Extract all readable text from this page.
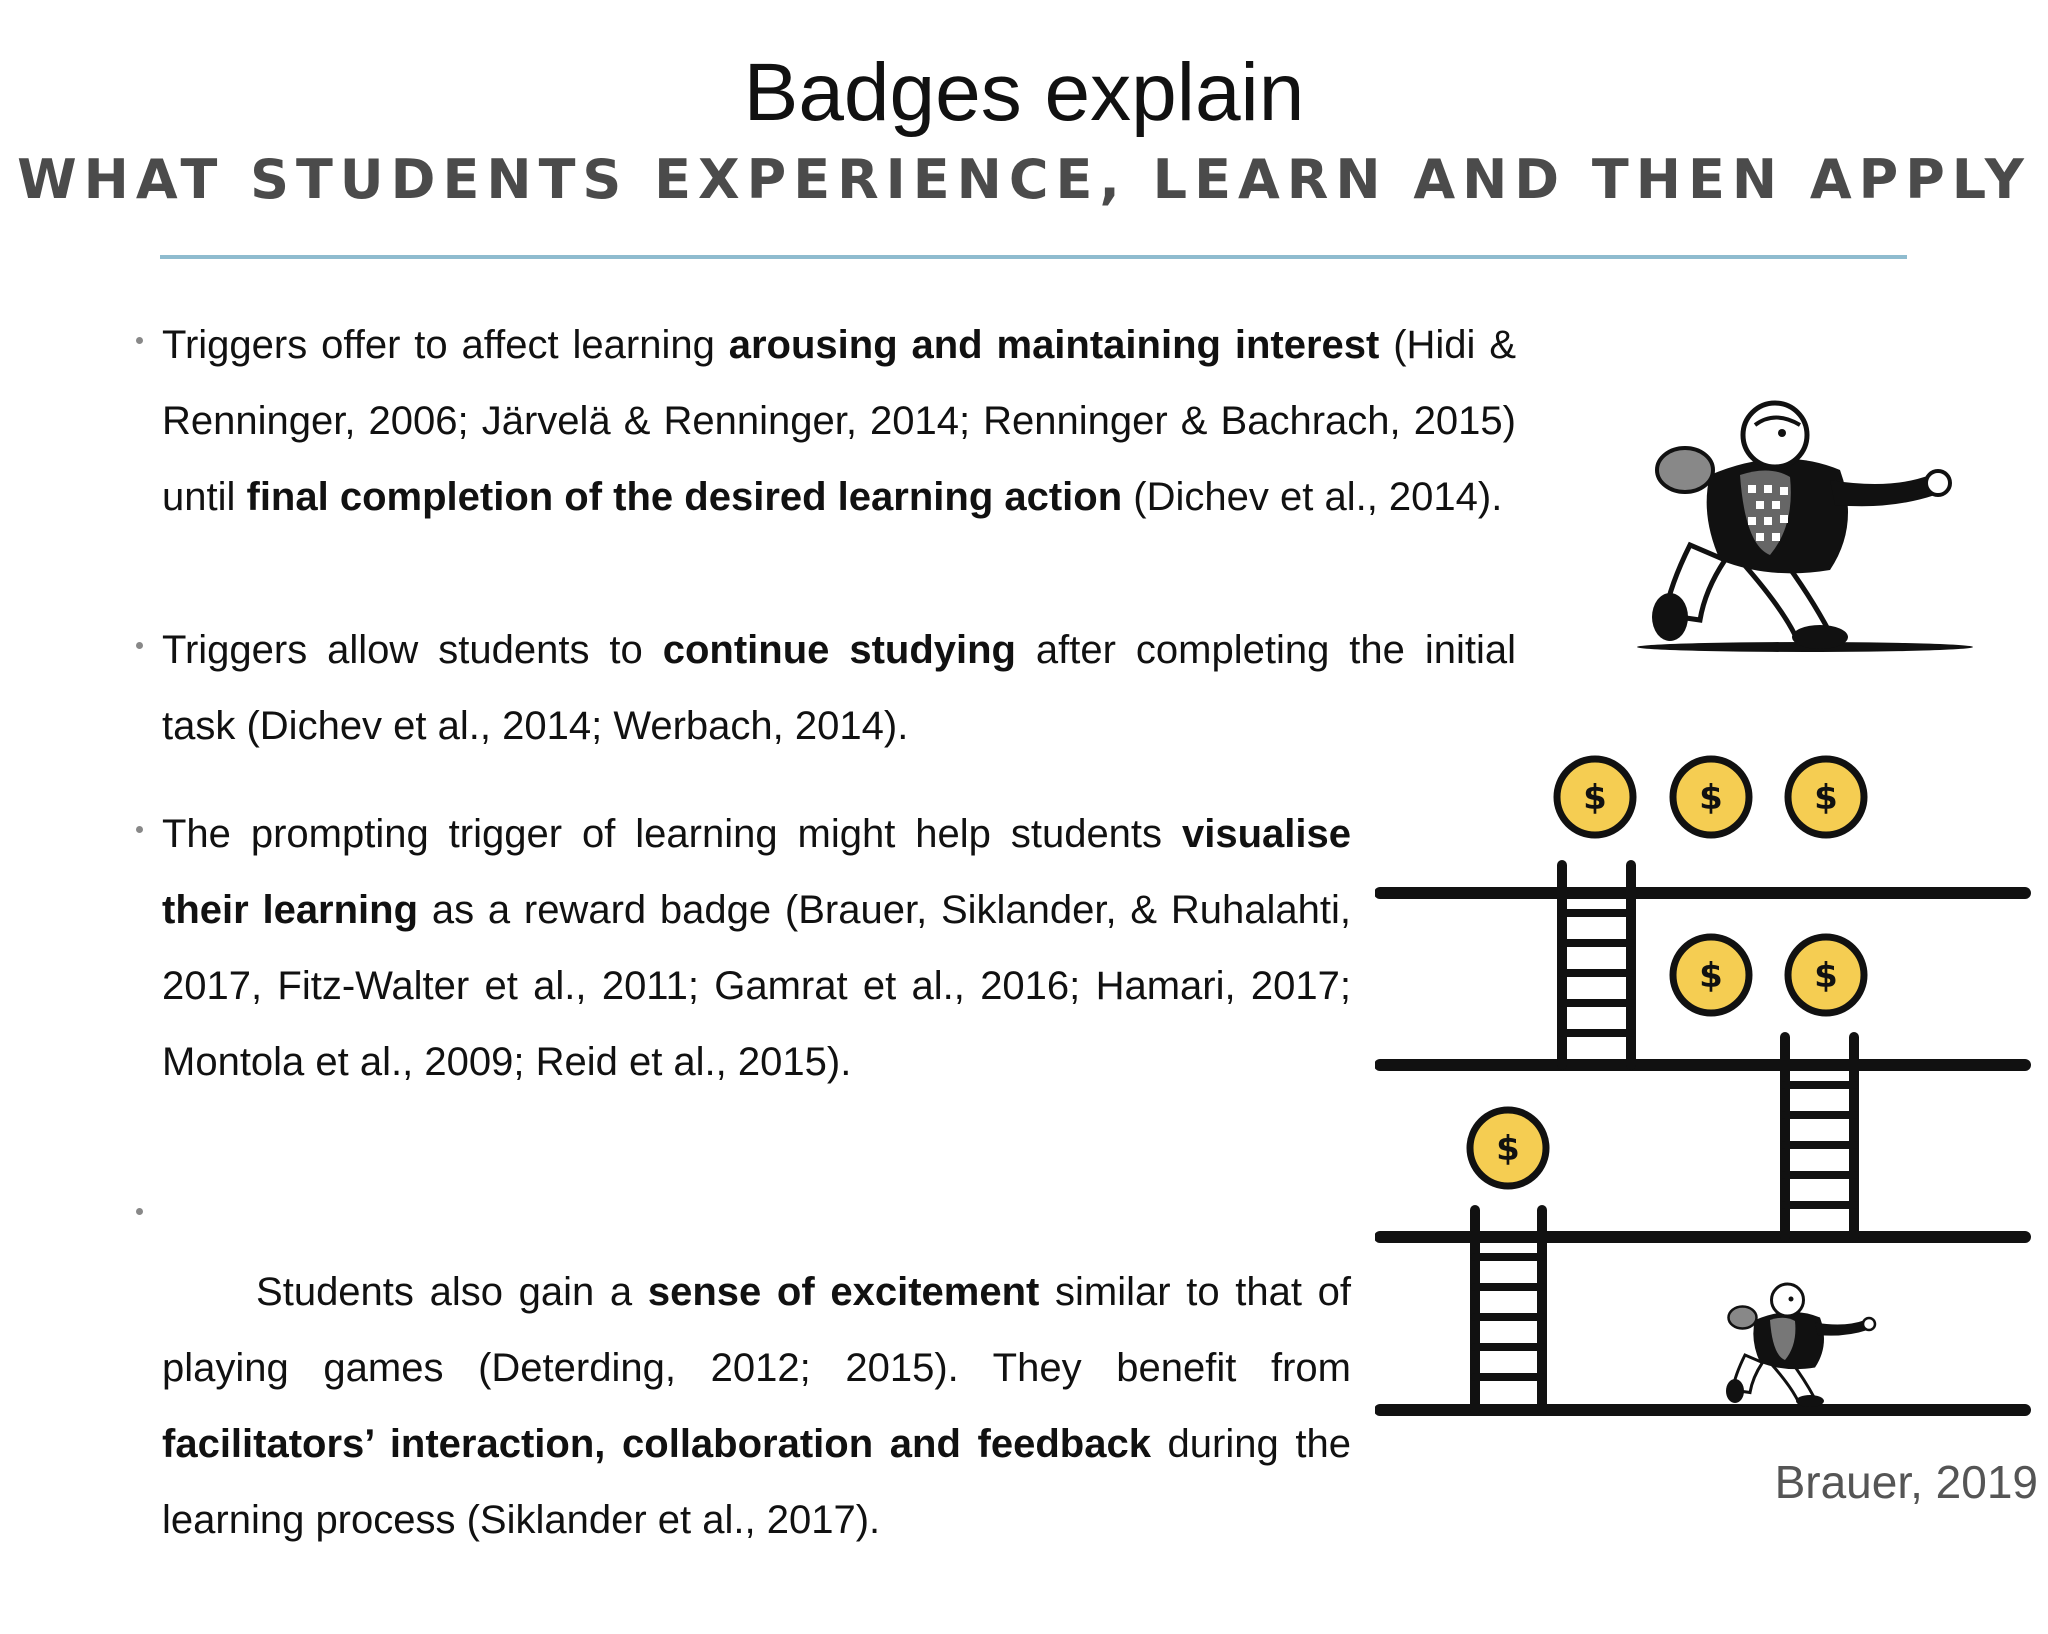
Badges explain
WHAT STUDENTS EXPERIENCE, LEARN AND THEN APPLY
Triggers offer to affect learning arousing and maintaining interest (Hidi & Renninger, 2006; Järvelä & Renninger, 2014; Renninger & Bachrach, 2015) until final completion of the desired learning action (Dichev et al., 2014).
Triggers allow students to continue studying after completing the initial task (Dichev et al., 2014; Werbach, 2014).
The prompting trigger of learning might help students visualise their learning as a reward badge (Brauer, Siklander, & Ruhalahti, 2017, Fitz-Walter et al., 2011; Gamrat et al., 2016; Hamari, 2017; Montola et al., 2009; Reid et al., 2015).

Students also gain a sense of excitement similar to that of playing games (Deterding, 2012; 2015). They benefit from facilitators’ interaction, collaboration and feedback during the learning process (Siklander et al., 2017).

$	$	$
$	$
$
Brauer, 2019
